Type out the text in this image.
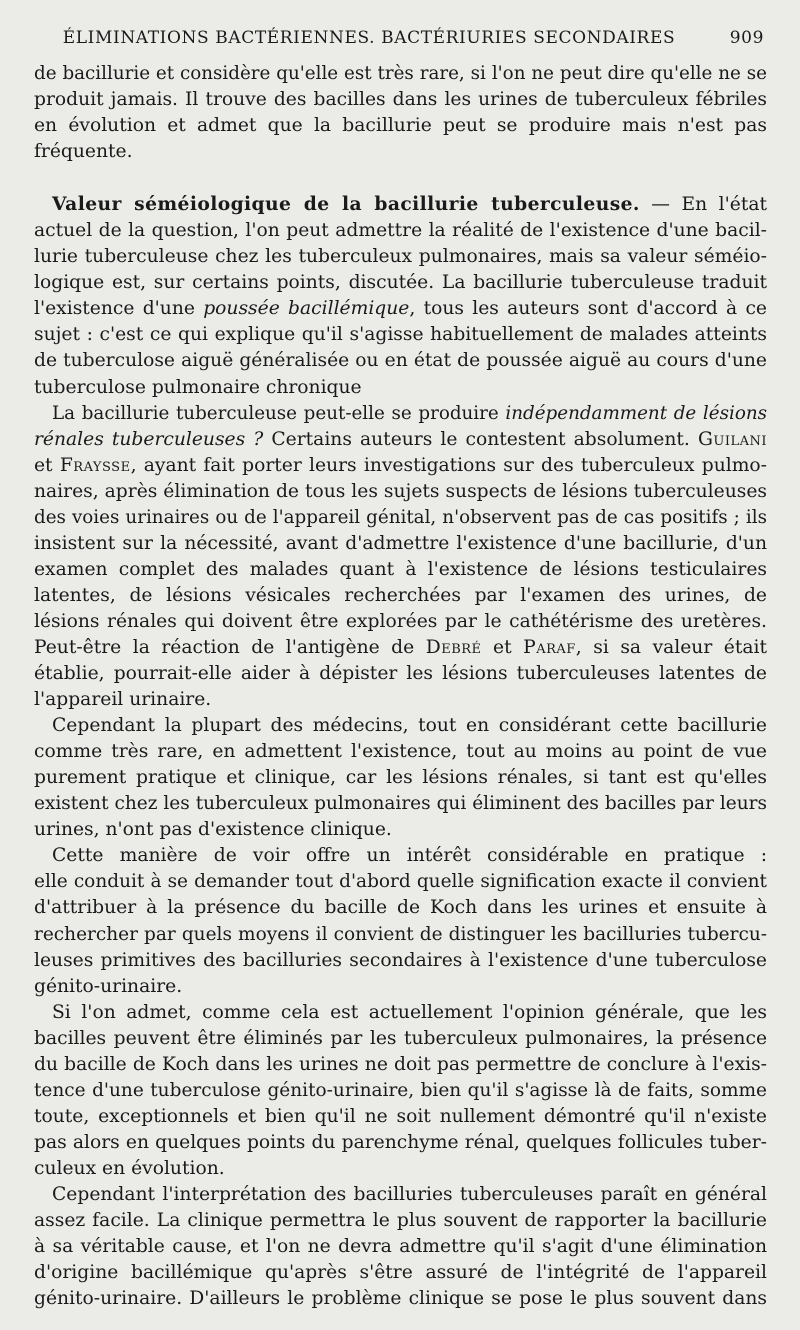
ÉLIMINATIONS BACTÉRIENNES. BACTÉRIURIES SECONDAIRES	909
de bacillurie et considère qu'elle est très rare, si l'on ne peut dire qu'elle ne se
produit jamais. Il trouve des bacilles dans les urines de tuberculeux fébriles
en évolution et admet que la bacillurie peut se produire mais n'est pas
fréquente.
Valeur séméiologique de la bacillurie tuberculeuse. — En l'état
actuel de la question, l'on peut admettre la réalité de l'existence d'une bacil-
lurie tuberculeuse chez les tuberculeux pulmonaires, mais sa valeur séméio-
logique est, sur certains points, discutée. La bacillurie tuberculeuse traduit
l'existence d'une poussée bacillémique, tous les auteurs sont d'accord à ce
sujet : c'est ce qui explique qu'il s'agisse habituellement de malades atteints
de tuberculose aiguë généralisée ou en état de poussée aiguë au cours d'une
tuberculose pulmonaire chronique
La bacillurie tuberculeuse peut-elle se produire indépendamment de lésions
rénales tuberculeuses ? Certains auteurs le contestent absolument. Guilani
et Fraysse, ayant fait porter leurs investigations sur des tuberculeux pulmo-
naires, après élimination de tous les sujets suspects de lésions tuberculeuses
des voies urinaires ou de l'appareil génital, n'observent pas de cas positifs ; ils
insistent sur la nécessité, avant d'admettre l'existence d'une bacillurie, d'un
examen complet des malades quant à l'existence de lésions testiculaires
latentes, de lésions vésicales recherchées par l'examen des urines, de
lésions rénales qui doivent être explorées par le cathétérisme des uretères.
Peut-être la réaction de l'antigène de Debré et Paraf, si sa valeur était
établie, pourrait-elle aider à dépister les lésions tuberculeuses latentes de
l'appareil urinaire.
Cependant la plupart des médecins, tout en considérant cette bacillurie
comme très rare, en admettent l'existence, tout au moins au point de vue
purement pratique et clinique, car les lésions rénales, si tant est qu'elles
existent chez les tuberculeux pulmonaires qui éliminent des bacilles par leurs
urines, n'ont pas d'existence clinique.
Cette manière de voir offre un intérêt considérable en pratique :
elle conduit à se demander tout d'abord quelle signification exacte il convient
d'attribuer à la présence du bacille de Koch dans les urines et ensuite à
rechercher par quels moyens il convient de distinguer les bacilluries tubercu-
leuses primitives des bacilluries secondaires à l'existence d'une tuberculose
génito-urinaire.
Si l'on admet, comme cela est actuellement l'opinion générale, que les
bacilles peuvent être éliminés par les tuberculeux pulmonaires, la présence
du bacille de Koch dans les urines ne doit pas permettre de conclure à l'exis-
tence d'une tuberculose génito-urinaire, bien qu'il s'agisse là de faits, somme
toute, exceptionnels et bien qu'il ne soit nullement démontré qu'il n'existe
pas alors en quelques points du parenchyme rénal, quelques follicules tuber-
culeux en évolution.
Cependant l'interprétation des bacilluries tuberculeuses paraît en général
assez facile. La clinique permettra le plus souvent de rapporter la bacillurie
à sa véritable cause, et l'on ne devra admettre qu'il s'agit d'une élimination
d'origine bacillémique qu'après s'être assuré de l'intégrité de l'appareil
génito-urinaire. D'ailleurs le problème clinique se pose le plus souvent dans
